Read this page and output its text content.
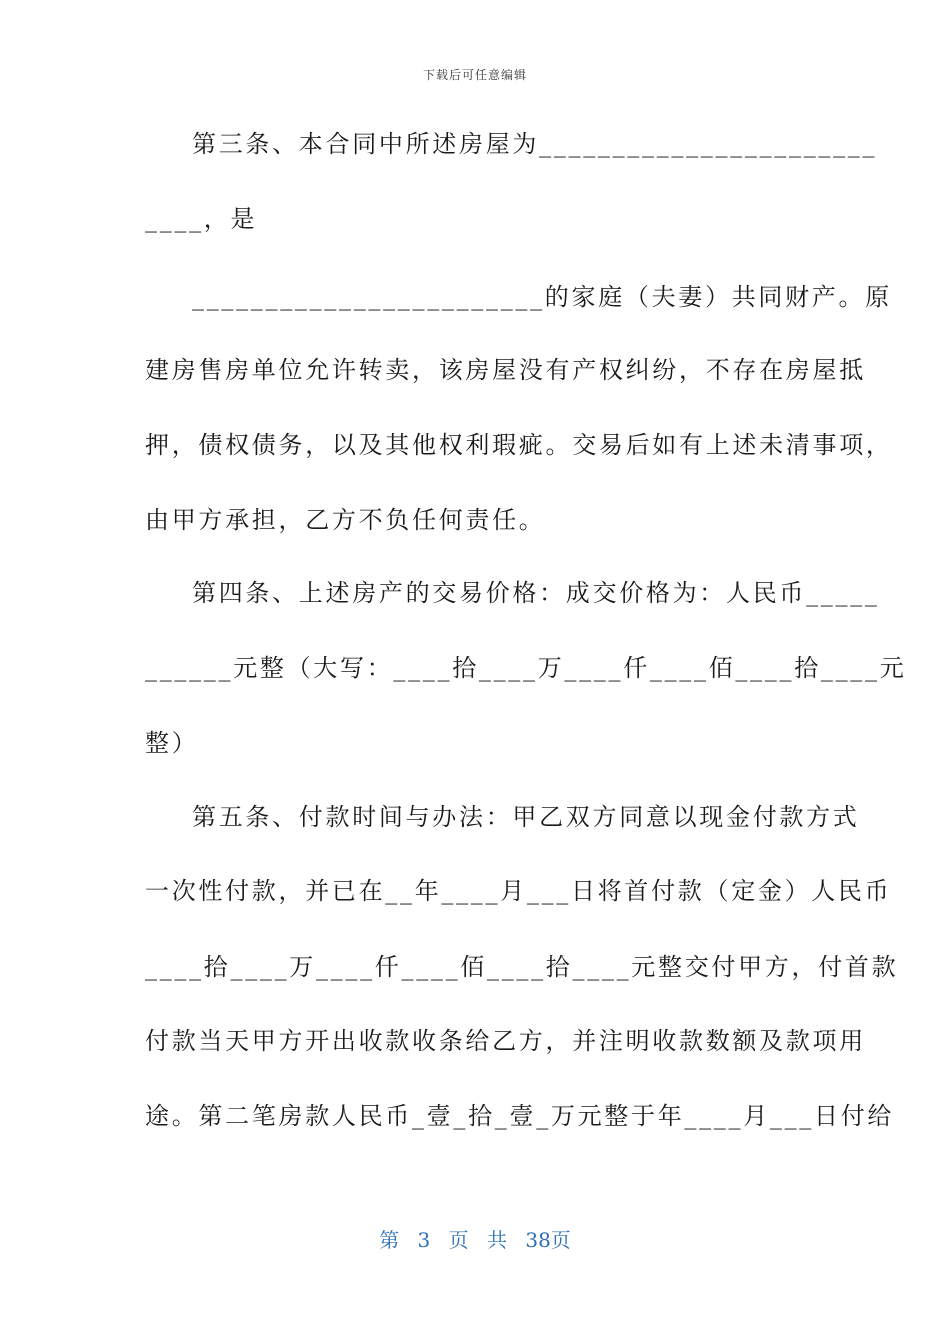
下载后可任意编辑
第三条、本合同中所述房屋为_______________________
____，是
________________________的家庭（夫妻）共同财产。原
建房售房单位允许转卖，该房屋没有产权纠纷，不存在房屋抵
押，债权债务，以及其他权利瑕疵。交易后如有上述未清事项，
由甲方承担，乙方不负任何责任。
第四条、上述房产的交易价格：成交价格为：人民币_____
______元整（大写：____拾____万____仟____佰____拾____元
整）
第五条、付款时间与办法：甲乙双方同意以现金付款方式
一次性付款，并已在__年____月___日将首付款（定金）人民币
____拾____万____仟____佰____拾____元整交付甲方，付首款
付款当天甲方开出收款收条给乙方，并注明收款数额及款项用
途。第二笔房款人民币_壹_拾_壹_万元整于年____月___日付给
第 3 页 共 38页
